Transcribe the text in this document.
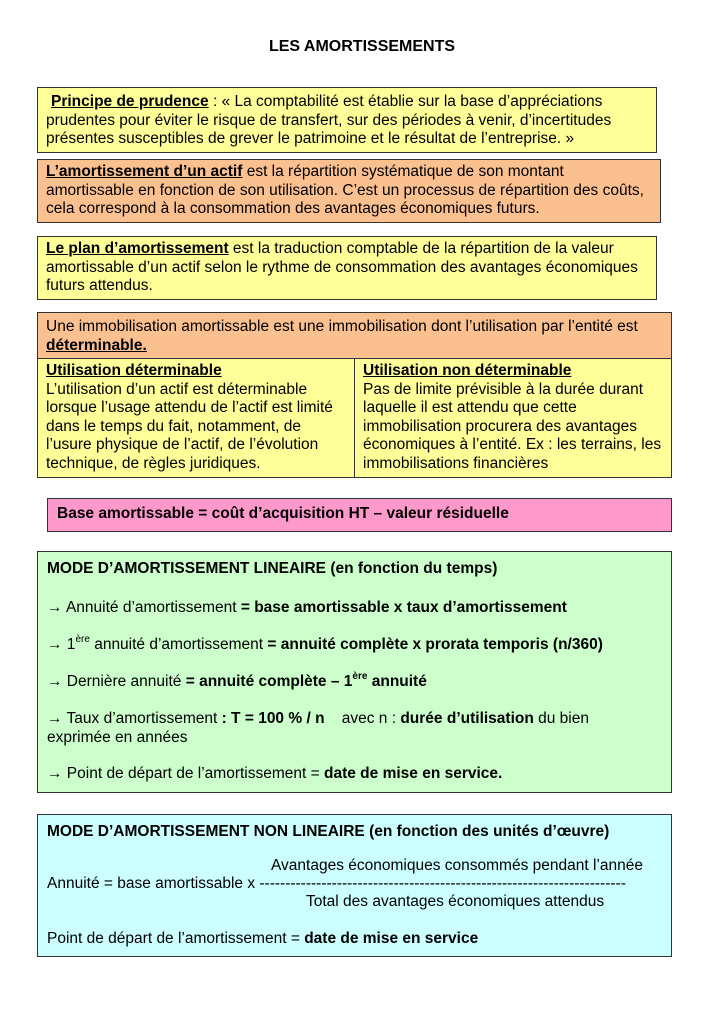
LES AMORTISSEMENTS
Principe de prudence : « La comptabilité est établie sur la base d’appréciations prudentes pour éviter le risque de transfert, sur des périodes à venir, d’incertitudes présentes susceptibles de grever le patrimoine et le résultat de l’entreprise. »
L’amortissement d’un actif est la répartition systématique de son montant amortissable en fonction de son utilisation. C’est un processus de répartition des coûts, cela correspond à la consommation des avantages économiques futurs.
Le plan d’amortissement est la traduction comptable de la répartition de la valeur amortissable d’un actif selon le rythme de consommation des avantages économiques futurs attendus.
Une immobilisation amortissable est une immobilisation dont l’utilisation par l’entité est déterminable.
Utilisation déterminable
L’utilisation d’un actif est déterminable lorsque l’usage attendu de l’actif est limité dans le temps du fait, notamment, de l’usure physique de l’actif, de l’évolution technique, de règles juridiques.
Utilisation non déterminable
Pas de limite prévisible à la durée durant laquelle il est attendu que cette immobilisation procurera des avantages économiques à l’entité. Ex : les terrains, les immobilisations financières
Base amortissable = coût d’acquisition HT – valeur résiduelle
MODE D’AMORTISSEMENT LINEAIRE (en fonction du temps)
→ Annuité d’amortissement = base amortissable x taux d’amortissement
→ 1ère annuité d’amortissement = annuité complète x prorata temporis (n/360)
→ Dernière annuité = annuité complète – 1ère annuité
→ Taux d’amortissement : T = 100 % / n    avec n : durée d’utilisation du bien
exprimée en années
→ Point de départ de l’amortissement = date de mise en service.
MODE D’AMORTISSEMENT NON LINEAIRE (en fonction des unités d’œuvre)
Avantages économiques consommés pendant l’année
Annuité = base amortissable x -----------------------------------------------------------------------
Total des avantages économiques attendus
Point de départ de l’amortissement = date de mise en service
